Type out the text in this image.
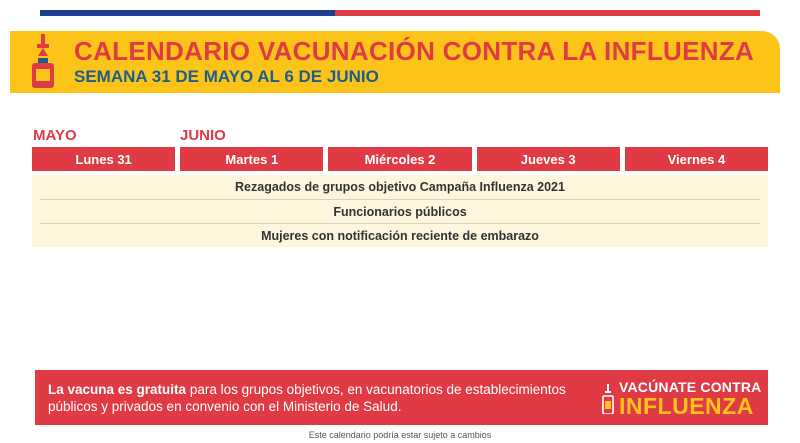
CALENDARIO VACUNACIÓN CONTRA LA INFLUENZA
SEMANA 31 DE MAYO AL 6 DE JUNIO
MAYO	JUNIO
Lunes 31	Martes 1	Miércoles 2	Jueves 3	Viernes 4
Rezagados de grupos objetivo Campaña Influenza 2021
Funcionarios públicos
Mujeres con notificación reciente de embarazo
La vacuna es gratuita para los grupos objetivos, en vacunatorios de establecimientos públicos y privados en convenio con el Ministerio de Salud.
VACÚNATE CONTRA
INFLUENZA
Este calendario podría estar sujeto a cambios
